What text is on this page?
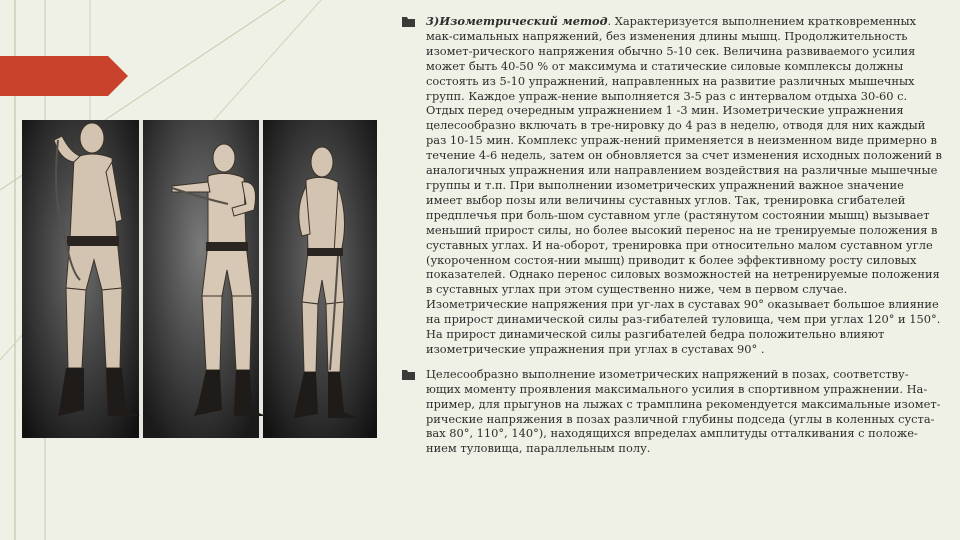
3)Изометрический метод. Характеризуется выполнением кратковременных мак-симальных напряжений, без изменения длины мышц. Продолжительность изомет-рического напряжения обычно 5-10 сек. Величина развиваемого усилия может быть 40-50 % от максимума и статические силовые комплексы должны состоять из 5-10 упражнений, направленных на развитие различных мышечных групп. Каждое упраж-нение выполняется 3-5 раз с интервалом отдыха 30-60 с. Отдых перед очередным упражнением 1 -3 мин. Изометрические упражнения целесообразно включать в тре-нировку до 4 раз в неделю, отводя для них каждый раз 10-15 мин. Комплекс упраж-нений применяется в неизменном виде примерно в течение 4-6 недель, затем он обновляется за счет изменения исходных положений в аналогичных упражнения или направлением воздействия на различные мышечные группы и т.п. При выполнении изометрических упражнений важное значение имеет выбор позы или величины суставных углов. Так, тренировка сгибателей предплечья при боль-шом суставном угле (растянутом состоянии мышц) вызывает меньший прирост силы, но более высокий перенос на не тренируемые положения в суставных углах. И на-оборот, тренировка при относительно малом суставном угле (укороченном состоя-нии мышц) приводит к более эффективному росту силовых показателей. Однако перенос силовых возможностей на нетренируемые положения в суставных углах при этом существенно ниже, чем в первом случае. Изометрические напряжения при уг-лах в суставах 90° оказывает большое влияние на прирост динамической силы раз-гибателей туловища, чем при углах 120° и 150°. На прирост динамической силы разгибателей бедра положительно влияют изометрические упражнения при углах в суставах 90° .

Целесообразно выполнение изометрических напряжений в позах, соответству-ющих моменту проявления максимального усилия в спортивном упражнении. На-пример, для прыгунов на лыжах с трамплина рекомендуется максимальные изомет-рические напряжения в позах различной глубины подседа (углы в коленных суста-вах 80°, 110°, 140°), находящихся впределах амплитуды отталкивания с положе-нием туловища, параллельным полу.
